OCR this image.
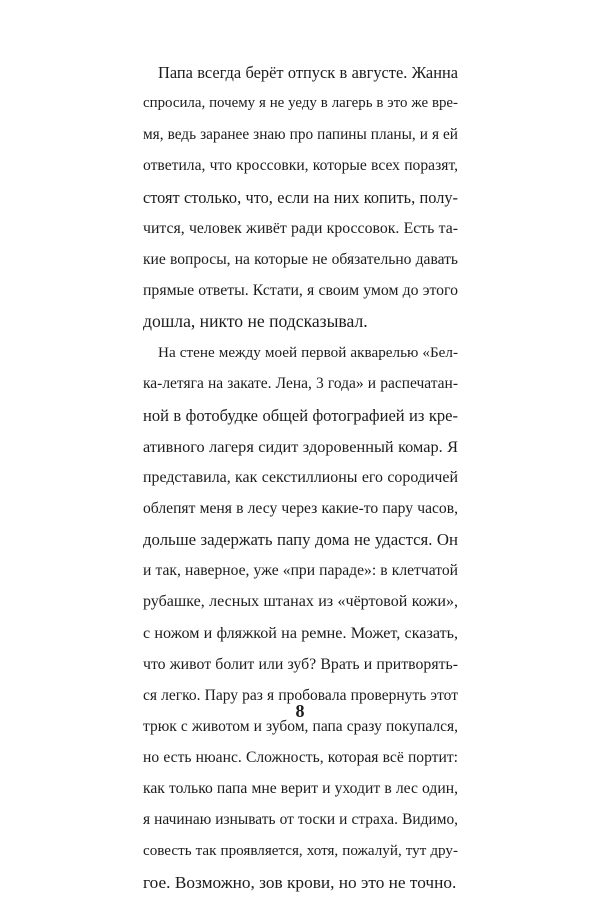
Папа всегда берёт отпуск в августе. Жанна
спросила, почему я не уеду в лагерь в это же вре-
мя, ведь заранее знаю про папины планы, и я ей
ответила, что кроссовки, которые всех поразят,
стоят столько, что, если на них копить, полу-
чится, человек живёт ради кроссовок. Есть та-
кие вопросы, на которые не обязательно давать
прямые ответы. Кстати, я своим умом до этого
дошла, никто не подсказывал.
На стене между моей первой акварелью «Бел-
ка-летяга на закате. Лена, 3 года» и распечатан-
ной в фотобудке общей фотографией из кре-
ативного лагеря сидит здоровенный комар. Я
представила, как секстиллионы его сородичей
облепят меня в лесу через какие-то пару часов,
дольше задержать папу дома не удастся. Он
и так, наверное, уже «при параде»: в клетчатой
рубашке, лесных штанах из «чёртовой кожи»,
с ножом и фляжкой на ремне. Может, сказать,
что живот болит или зуб? Врать и притворять-
ся легко. Пару раз я пробовала провернуть этот
трюк с животом и зубом, папа сразу покупался,
но есть нюанс. Сложность, которая всё портит:
как только папа мне верит и уходит в лес один,
я начинаю изнывать от тоски и страха. Видимо,
совесть так проявляется, хотя, пожалуй, тут дру-
гое. Возможно, зов крови, но это не точно.
8
